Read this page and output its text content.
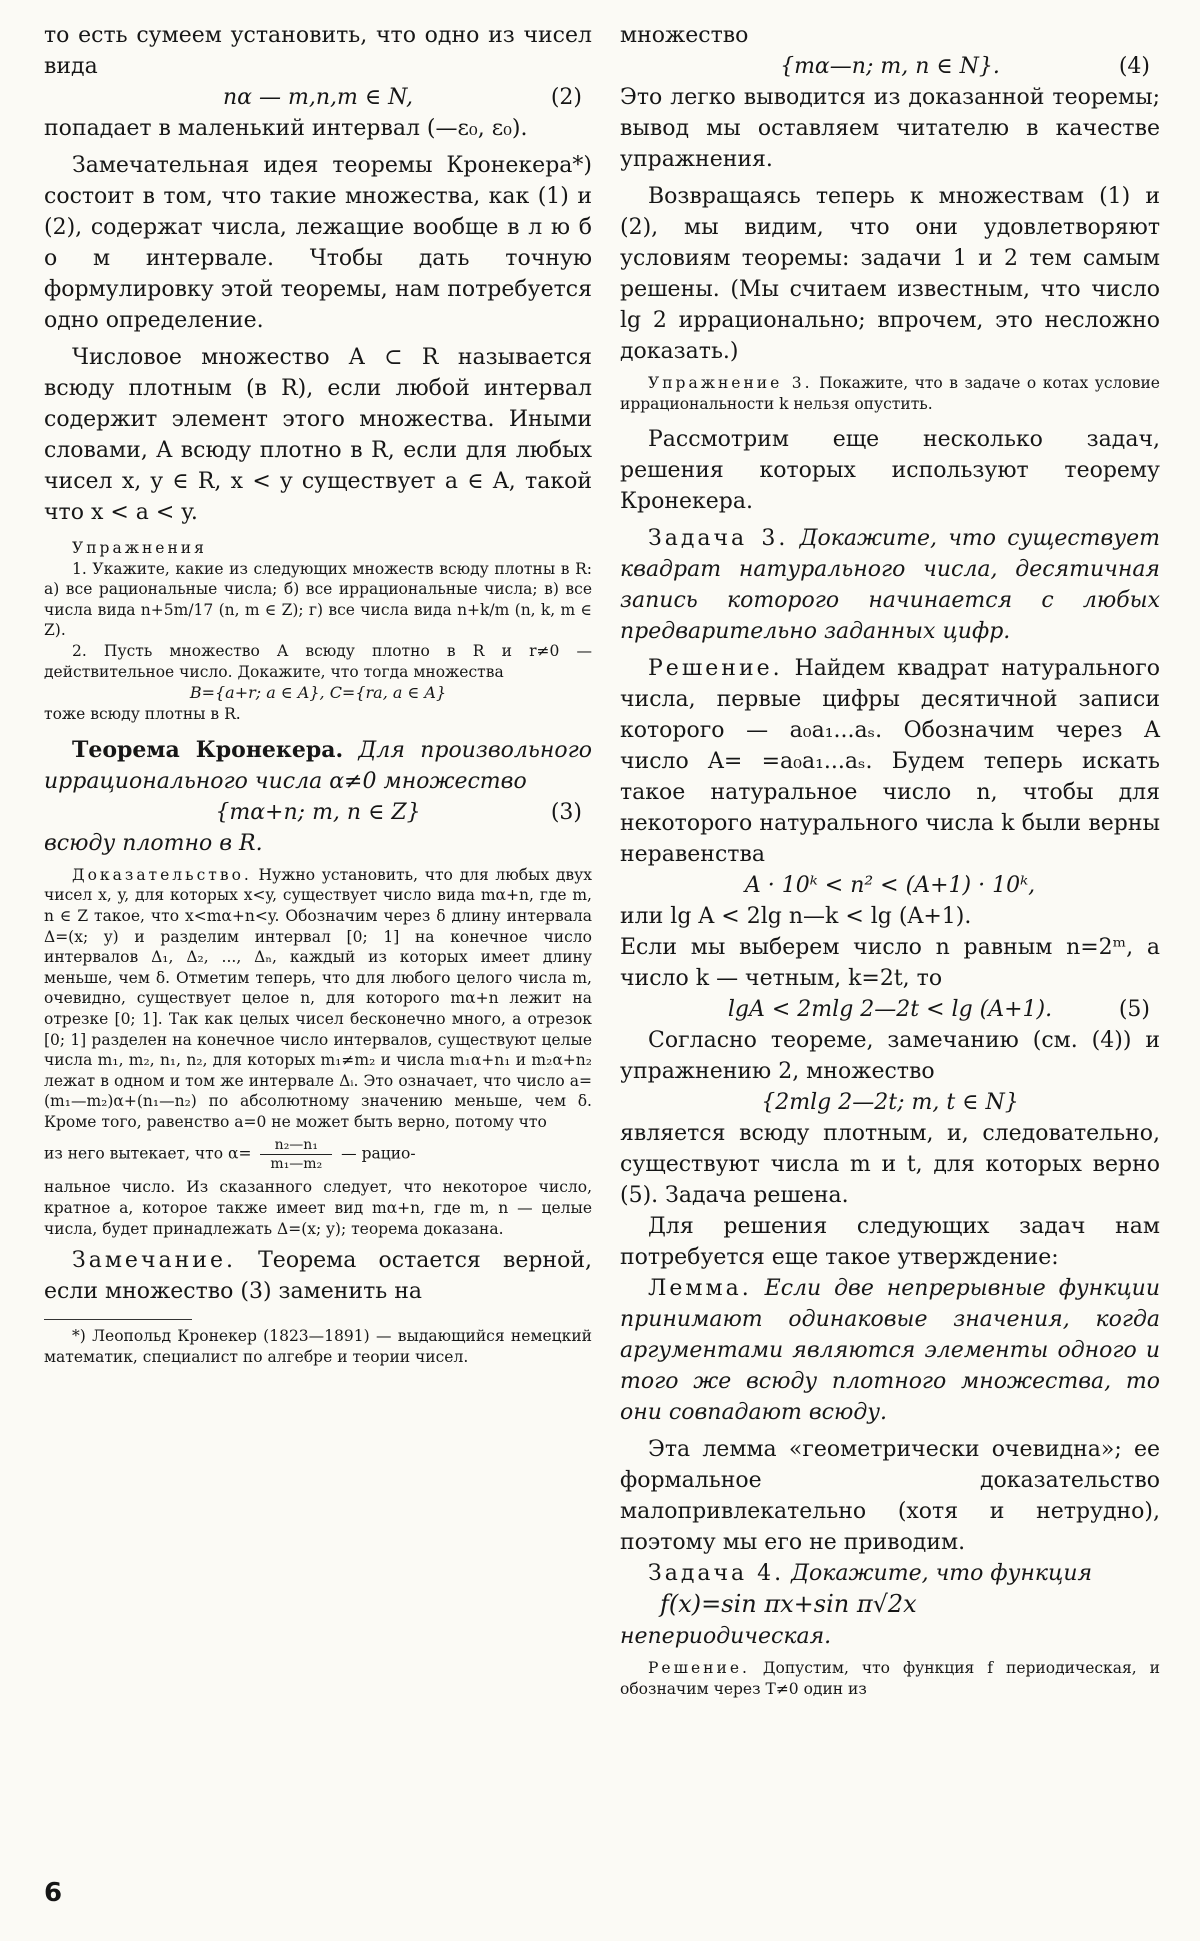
то есть сумеем установить, что одно из чисел вида

nα — m,n,m ∈ N,	(2)

попадает в маленький интервал (—ε₀, ε₀).

Замечательная идея теоремы Кронекера*) состоит в том, что такие множества, как (1) и (2), содержат числа, лежащие вообще в л ю б о м интервале. Чтобы дать точную формулировку этой теоремы, нам потребуется одно определение.

Числовое множество A ⊂ R называется всюду плотным (в R), если любой интервал содержит элемент этого множества. Иными словами, A всюду плотно в R, если для любых чисел x, y ∈ R, x < y существует a ∈ A, такой что x < a < y.

Упражнения

1. Укажите, какие из следующих множеств всюду плотны в R: а) все рациональные числа; б) все иррациональные числа; в) все числа вида n+5m/17 (n, m ∈ Z); г) все числа вида n+k/m (n, k, m ∈ Z).

2. Пусть множество A всюду плотно в R и r≠0 — действительное число. Докажите, что тогда множества

B={a+r; a ∈ A}, C={ra, a ∈ A}

тоже всюду плотны в R.

Теорема Кронекера. Для произвольного иррационального числа α≠0 множество

{mα+n; m, n ∈ Z}	(3)

всюду плотно в R.

Доказательство. Нужно установить, что для любых двух чисел x, y, для которых x<y, существует число вида mα+n, где m, n ∈ Z такое, что x<mα+n<y. Обозначим через δ длину интервала Δ=(x; y) и разделим интервал [0; 1] на конечное число интервалов Δ₁, Δ₂, ..., Δₙ, каждый из которых имеет длину меньше, чем δ. Отметим теперь, что для любого целого числа m, очевидно, существует целое n, для которого mα+n лежит на отрезке [0; 1]. Так как целых чисел бесконечно много, а отрезок [0; 1] разделен на конечное число интервалов, существуют целые числа m₁, m₂, n₁, n₂, для которых m₁≠m₂ и числа m₁α+n₁ и m₂α+n₂ лежат в одном и том же интервале Δᵢ. Это означает, что число a=(m₁—m₂)α+(n₁—n₂) по абсолютному значению меньше, чем δ. Кроме того, равенство a=0 не может быть верно, потому что

из него вытекает, что $\alpha= \frac{\text{n₂—n₁}}{\text{m₁—m₂}}$ — рацио-

нальное число. Из сказанного следует, что некоторое число, кратное a, которое также имеет вид mα+n, где m, n — целые числа, будет принадлежать Δ=(x; y); теорема доказана.

Замечание. Теорема остается верной, если множество (3) заменить на

*) Леопольд Кронекер (1823—1891) — выдающийся немецкий математик, специалист по алгебре и теории чисел.

множество

{mα—n; m, n ∈ N}.	(4)

Это легко выводится из доказанной теоремы; вывод мы оставляем читателю в качестве упражнения.

Возвращаясь теперь к множествам (1) и (2), мы видим, что они удовлетворяют условиям теоремы: задачи 1 и 2 тем самым решены. (Мы считаем известным, что число lg 2 иррационально; впрочем, это несложно доказать.)

Упражнение 3. Покажите, что в задаче о котах условие иррациональности k нельзя опустить.

Рассмотрим еще несколько задач, решения которых используют теорему Кронекера.

Задача 3. Докажите, что существует квадрат натурального числа, десятичная запись которого начинается с любых предварительно заданных цифр.

Решение. Найдем квадрат натурального числа, первые цифры десятичной записи которого — a₀a₁...aₛ. Обозначим через A число A= =a₀a₁...aₛ. Будем теперь искать такое натуральное число n, чтобы для некоторого натурального числа k были верны неравенства

A · 10ᵏ < n² < (A+1) · 10ᵏ,

или lg A < 2lg n—k < lg (A+1).

Если мы выберем число n равным n=2ᵐ, а число k — четным, k=2t, то

lgA < 2mlg 2—2t < lg (A+1).	(5)

Согласно теореме, замечанию (см. (4)) и упражнению 2, множество

{2mlg 2—2t; m, t ∈ N}

является всюду плотным, и, следовательно, существуют числа m и t, для которых верно (5). Задача решена.

Для решения следующих задач нам потребуется еще такое утверждение:

Лемма. Если две непрерывные функции принимают одинаковые значения, когда аргументами являются элементы одного и того же всюду плотного множества, то они совпадают всюду.

Эта лемма «геометрически очевидна»; ее формальное доказательство малопривлекательно (хотя и нетрудно), поэтому мы его не приводим.

Задача 4. Докажите, что функция

f(x)=sin πx+sin π√2x

непериодическая.

Решение. Допустим, что функция f периодическая, и обозначим через T≠0 один из

6
